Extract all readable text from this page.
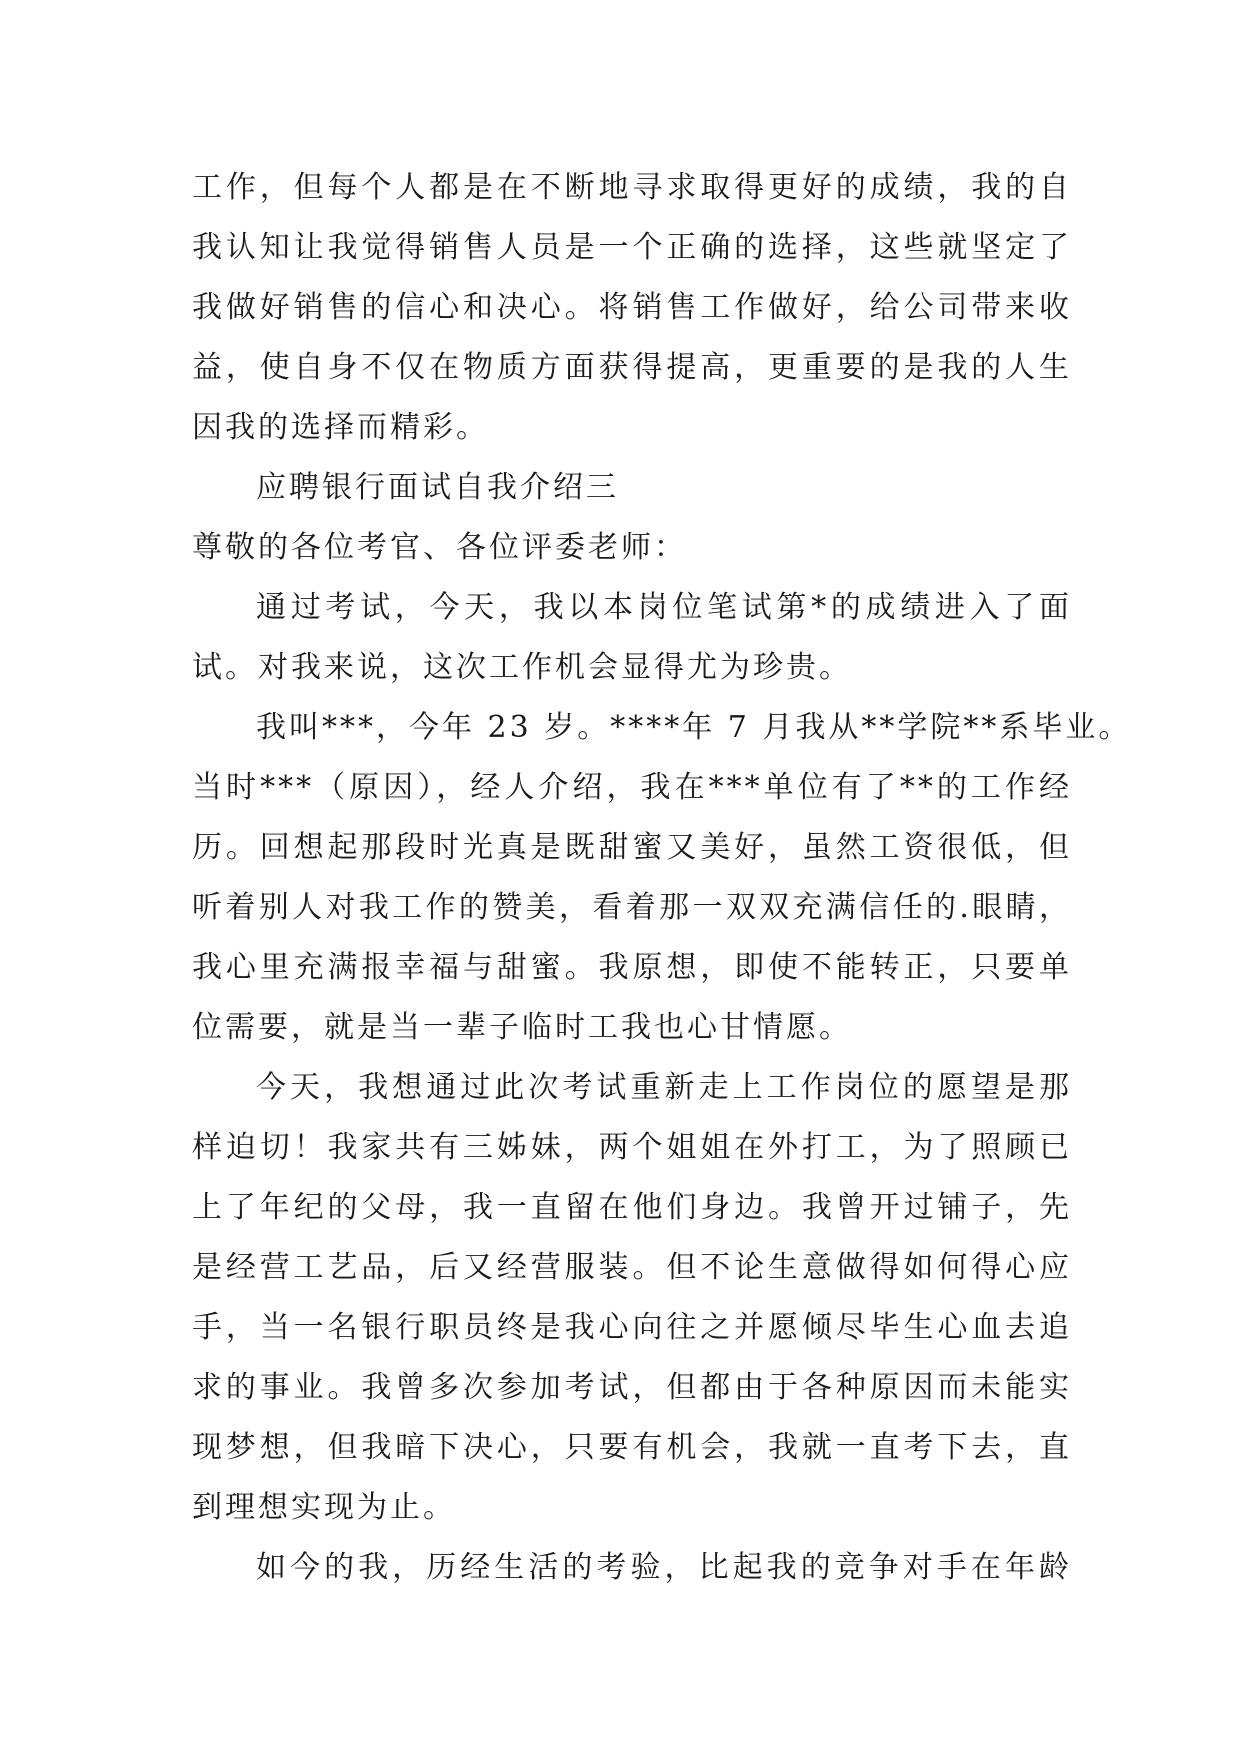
工作，但每个人都是在不断地寻求取得更好的成绩，我的自
我认知让我觉得销售人员是一个正确的选择，这些就坚定了
我做好销售的信心和决心。将销售工作做好，给公司带来收
益，使自身不仅在物质方面获得提高，更重要的是我的人生
因我的选择而精彩。
应聘银行面试自我介绍三
尊敬的各位考官、各位评委老师：
通过考试，今天，我以本岗位笔试第*的成绩进入了面
试。对我来说，这次工作机会显得尤为珍贵。
我叫***，今年 23 岁。****年 7 月我从**学院**系毕业。
当时***（原因），经人介绍，我在***单位有了**的工作经
历。回想起那段时光真是既甜蜜又美好，虽然工资很低，但
听着别人对我工作的赞美，看着那一双双充满信任的.眼睛，
我心里充满报幸福与甜蜜。我原想，即使不能转正，只要单
位需要，就是当一辈子临时工我也心甘情愿。
今天，我想通过此次考试重新走上工作岗位的愿望是那
样迫切！我家共有三姊妹，两个姐姐在外打工，为了照顾已
上了年纪的父母，我一直留在他们身边。我曾开过铺子，先
是经营工艺品，后又经营服装。但不论生意做得如何得心应
手，当一名银行职员终是我心向往之并愿倾尽毕生心血去追
求的事业。我曾多次参加考试，但都由于各种原因而未能实
现梦想，但我暗下决心，只要有机会，我就一直考下去，直
到理想实现为止。
如今的我，历经生活的考验，比起我的竞争对手在年龄
